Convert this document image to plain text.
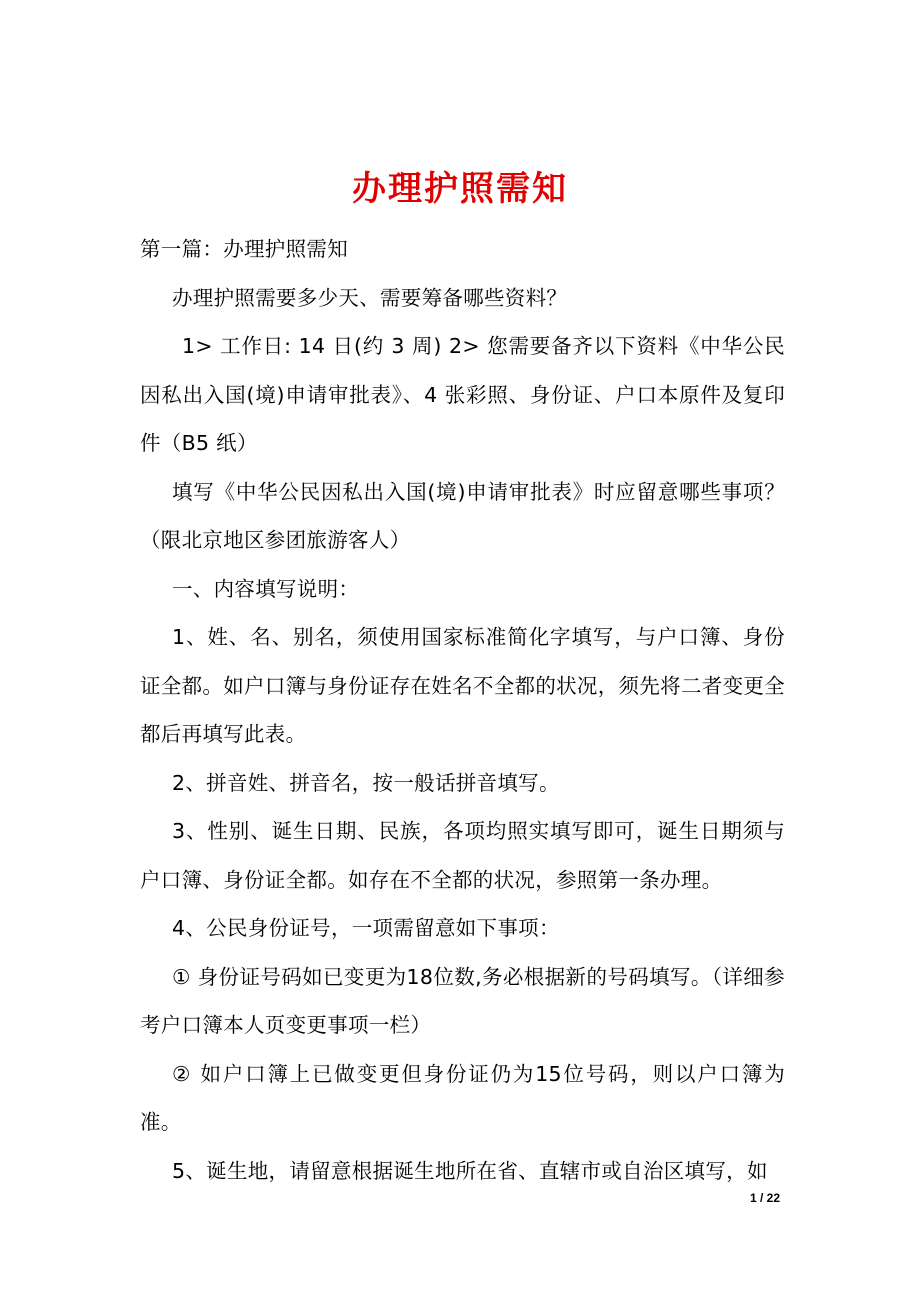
办理护照需知

第一篇：办理护照需知

办理护照需要多少天、需要筹备哪些资料？

1> 工作日: 14 日(约 3 周) 2> 您需要备齐以下资料《中华公民因私出入国(境)申请审批表》、4 张彩照、身份证、户口本原件及复印件（B5 纸）

填写《中华公民因私出入国(境)申请审批表》时应留意哪些事项？（限北京地区参团旅游客人）

一、内容填写说明：

1、姓、名、别名，须使用国家标准简化字填写，与户口簿、身份证全都。如户口簿与身份证存在姓名不全都的状况，须先将二者变更全都后再填写此表。

2、拼音姓、拼音名，按一般话拼音填写。

3、性别、诞生日期、民族，各项均照实填写即可，诞生日期须与户口簿、身份证全都。如存在不全都的状况，参照第一条办理。

4、公民身份证号，一项需留意如下事项：

① 身份证号码如已变更为18位数,务必根据新的号码填写。（详细参考户口簿本人页变更事项一栏）

② 如户口簿上已做变更但身份证仍为15位号码，则以户口簿为准。

5、诞生地，请留意根据诞生地所在省、直辖市或自治区填写，如

1 / 22
